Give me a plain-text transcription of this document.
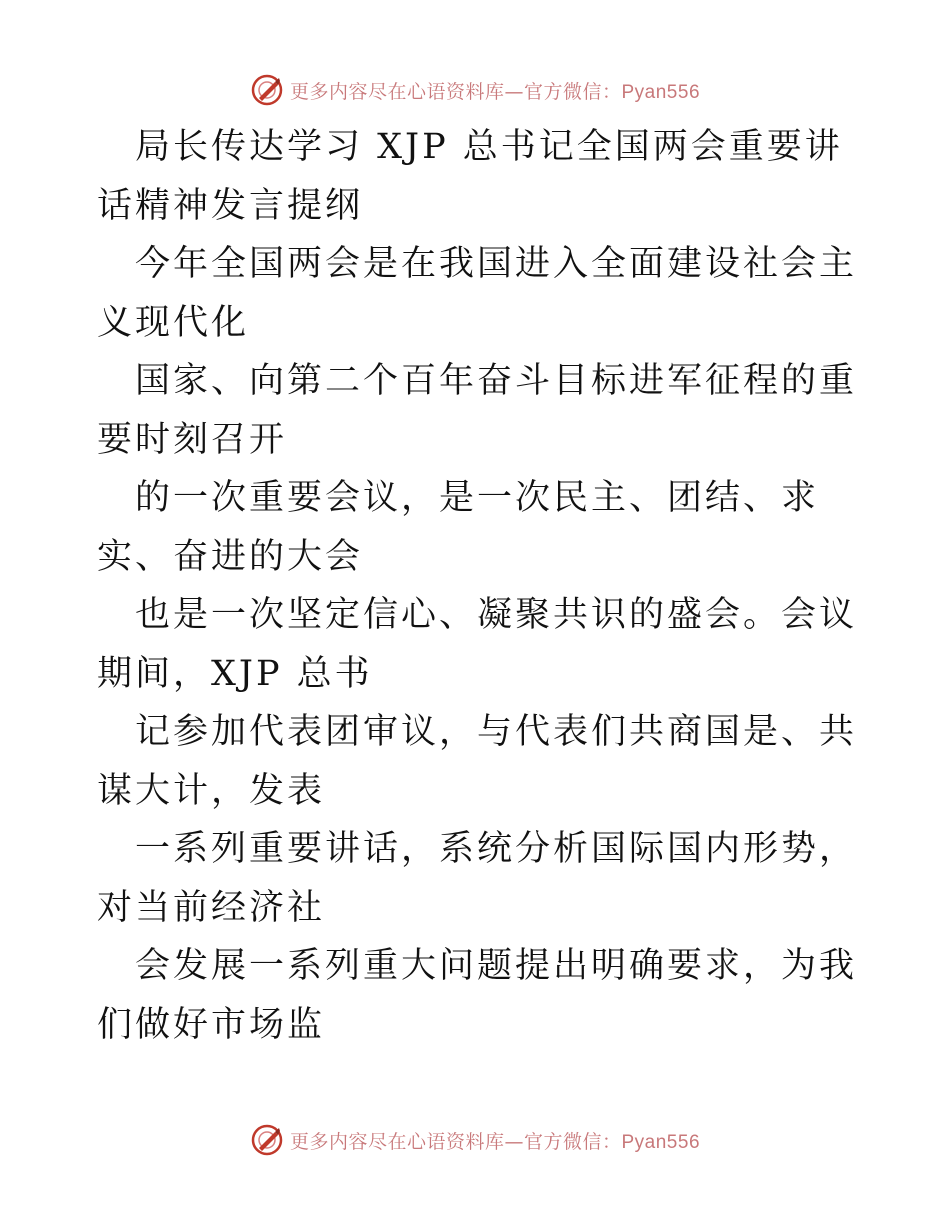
更多内容尽在心语资料库—官方微信：Pyan556

局长传达学习 XJP 总书记全国两会重要讲话精神发言提纲

今年全国两会是在我国进入全面建设社会主义现代化

国家、向第二个百年奋斗目标进军征程的重要时刻召开

的一次重要会议，是一次民主、团结、求实、奋进的大会

也是一次坚定信心、凝聚共识的盛会。会议期间，XJP 总书

记参加代表团审议，与代表们共商国是、共谋大计，发表

一系列重要讲话，系统分析国际国内形势，对当前经济社

会发展一系列重大问题提出明确要求，为我们做好市场监

更多内容尽在心语资料库—官方微信：Pyan556
